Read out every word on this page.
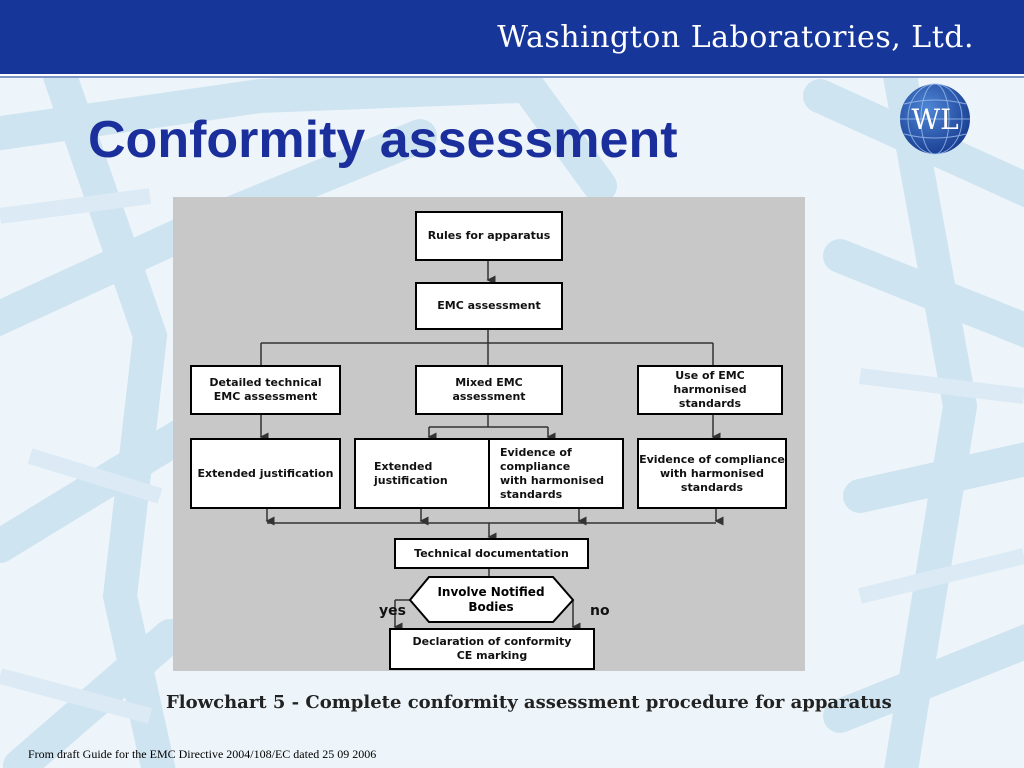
Washington Laboratories, Ltd.
WL
Conformity assessment
Rules for apparatus
EMC assessment
Detailed technical
EMC assessment
Mixed EMC assessment
Use of EMC
harmonised
standards
Extended justification
Extended
justification
Evidence of
compliance
with harmonised
standards
Evidence of compliance
with harmonised
standards
Technical documentation
Involve Notified
Bodies
yes	no
Declaration of conformity
CE marking

Flowchart 5 - Complete conformity assessment procedure for apparatus

From draft Guide for the EMC Directive 2004/108/EC dated 25 09 2006
